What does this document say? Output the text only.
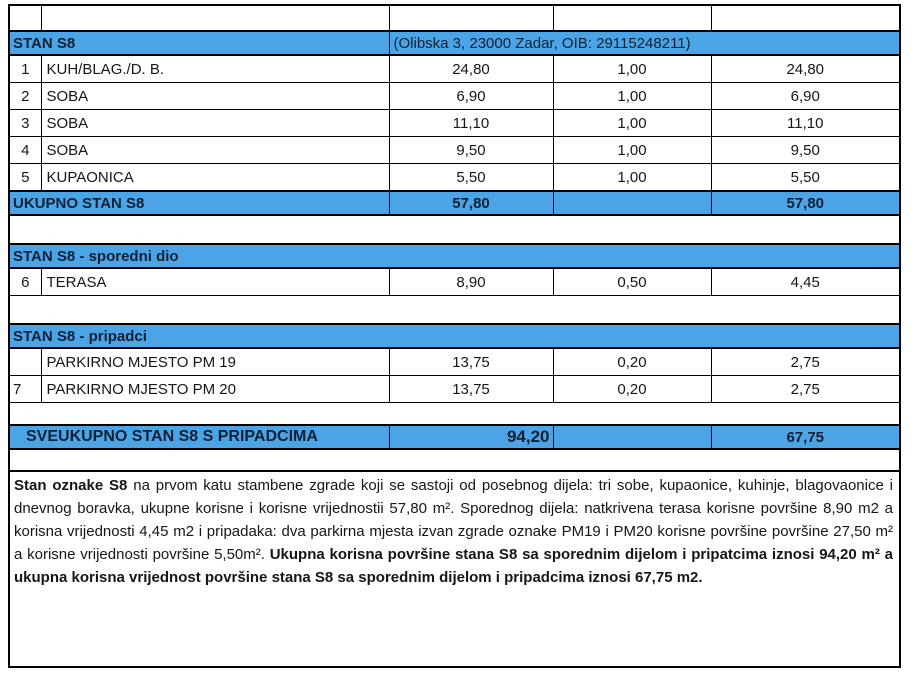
STAN S8		(Olibska 3, 23000 Zadar, OIB: 29115248211)		
1	KUH/BLAG./D. B.	24,80	1,00	24,80
2	SOBA	6,90	1,00	6,90
3	SOBA	11,10	1,00	11,10
4	SOBA	9,50	1,00	9,50
5	KUPAONICA	5,50	1,00	5,50
UKUPNO STAN S8		57,80		57,80

STAN S8 - sporedni dio				
6	TERASA	8,90	0,50	4,45

STAN S8 - pripadci				
	PARKIRNO MJESTO PM 19	13,75	0,20	2,75
7	PARKIRNO MJESTO PM 20	13,75	0,20	2,75

SVEUKUPNO STAN S8 S PRIPADCIMA		94,20		67,75

Stan oznake S8 na prvom katu stambene zgrade koji se sastoji od posebnog dijela: tri sobe, kupaonice, kuhinje, blagovaonice i dnevnog boravka, ukupne korisne i korisne vrijednostii 57,80 m². Sporednog dijela: natkrivena terasa korisne površine 8,90 m2 a korisna vrijednosti 4,45 m2 i pripadaka: dva parkirna mjesta izvan zgrade oznake PM19 i PM20 korisne površine površine 27,50 m² a korisne vrijednosti površine 5,50m². Ukupna korisna površine stana S8 sa sporednim dijelom i pripatcima iznosi 94,20 m² a ukupna korisna vrijednost površine stana S8 sa sporednim dijelom i pripadcima iznosi 67,75 m2.				
